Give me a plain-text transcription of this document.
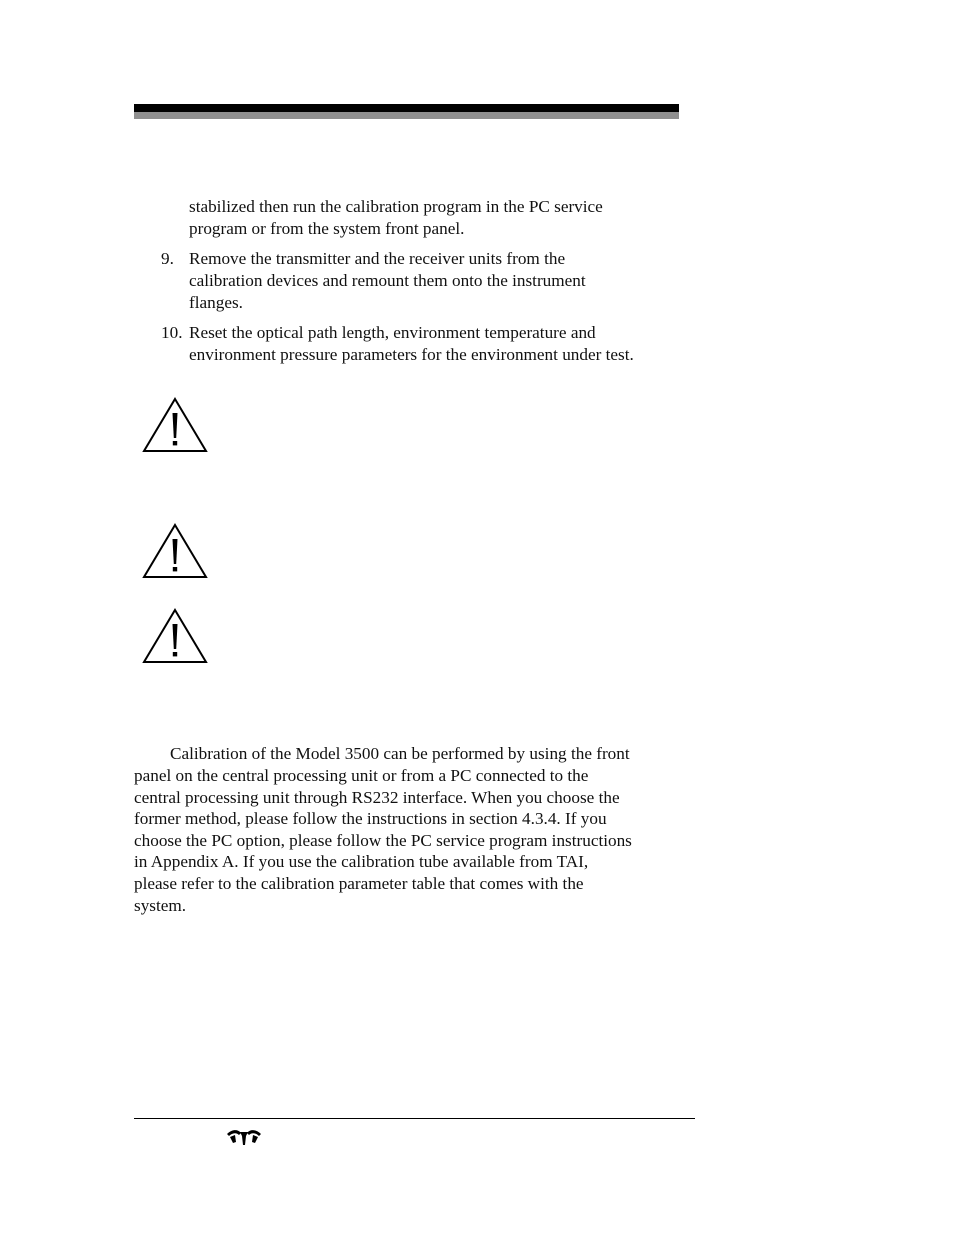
stabilized then run the calibration program in the PC service
program or from the system front panel.
9. Remove the transmitter and the receiver units from the
calibration devices and remount them onto the instrument
flanges.
10. Reset the optical path length, environment temperature and
environment pressure parameters for the environment under test.
Calibration of the Model 3500 can be performed by using the front
panel on the central processing unit or from a PC connected to the
central processing unit through RS232 interface. When you choose the
former method, please follow the instructions in section 4.3.4. If you
choose the PC option, please follow the PC service program instructions
in Appendix A. If you use the calibration tube available from TAI,
please refer to the calibration parameter table that comes with the
system.
